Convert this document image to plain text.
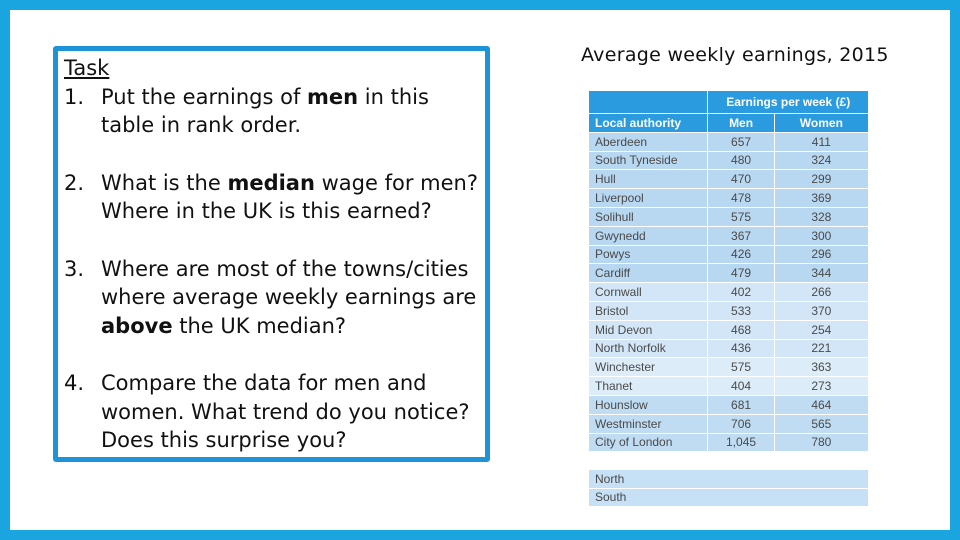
Task

1. Put the earnings of men in this table in rank order.

2. What is the median wage for men? Where in the UK is this earned?

3. Where are most of the towns/cities where average weekly earnings are above the UK median?

4. Compare the data for men and women. What trend do you notice? Does this surprise you?

Average weekly earnings, 2015
	Earnings per week (£)	
Local authority	Men	Women
Aberdeen	657	411
South Tyneside	480	324
Hull	470	299
Liverpool	478	369
Solihull	575	328
Gwynedd	367	300
Powys	426	296
Cardiff	479	344
Cornwall	402	266
Bristol	533	370
Mid Devon	468	254
North Norfolk	436	221
Winchester	575	363
Thanet	404	273
Hounslow	681	464
Westminster	706	565
City of London	1,045	780
North
South
